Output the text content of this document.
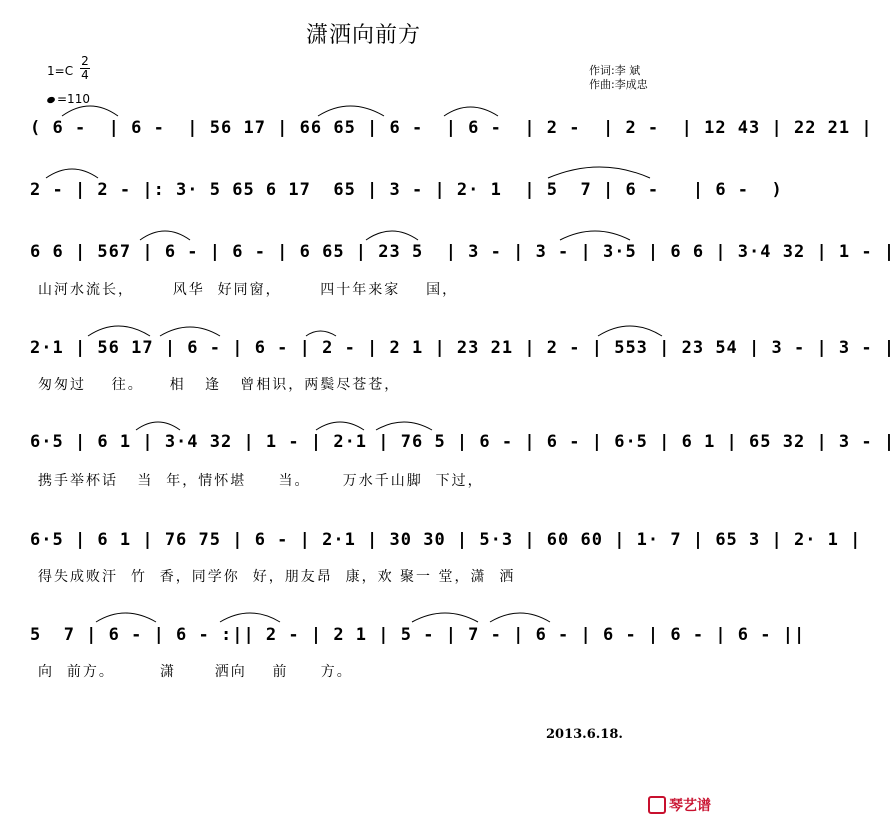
潇洒向前方
1=C
2
4
=110
作词:李 斌
作曲:李成忠
( 6 -  | 6 -  | 56 17 | 66 65 | 6 -  | 6 -  | 2 -  | 2 -  | 12 43 | 22 21 |
2 - | 2 - |: 3· 5 65 6 17  65 | 3 - | 2· 1  | 5  7 | 6 -   | 6 -  )
6 6 | 567 | 6 - | 6 - | 6 65 | 23 5  | 3 - | 3 - | 3·5 | 6 6 | 3·4 32 | 1 - |
山河水流长，      风华  好同窗，      四十年来家    国，
2·1 | 56 17 | 6 - | 6 - | 2 - | 2 1 | 23 21 | 2 - | 553 | 23 54 | 3 - | 3 - |
匆匆过    往。    相   逢   曾相识，两鬓尽苍苍，
6·5 | 6 1 | 3·4 32 | 1 - | 2·1 | 76 5 | 6 - | 6 - | 6·5 | 6 1 | 65 32 | 3 - |
携手举杯话   当  年，情怀堪     当。     万水千山脚  下过，
6·5 | 6 1 | 76 75 | 6 - | 2·1 | 30 30 | 5·3 | 60 60 | 1· 7 | 65 3 | 2· 1 |
得失成败汗  竹  香，同学你  好，朋友昂  康，欢 聚一 堂，潇  洒
5  7 | 6 - | 6 - :|| 2 - | 2 1 | 5 - | 7 - | 6 - | 6 - | 6 - | 6 - ||
向  前方。       潇      洒向    前     方。
2013.6.18.
琴艺谱
